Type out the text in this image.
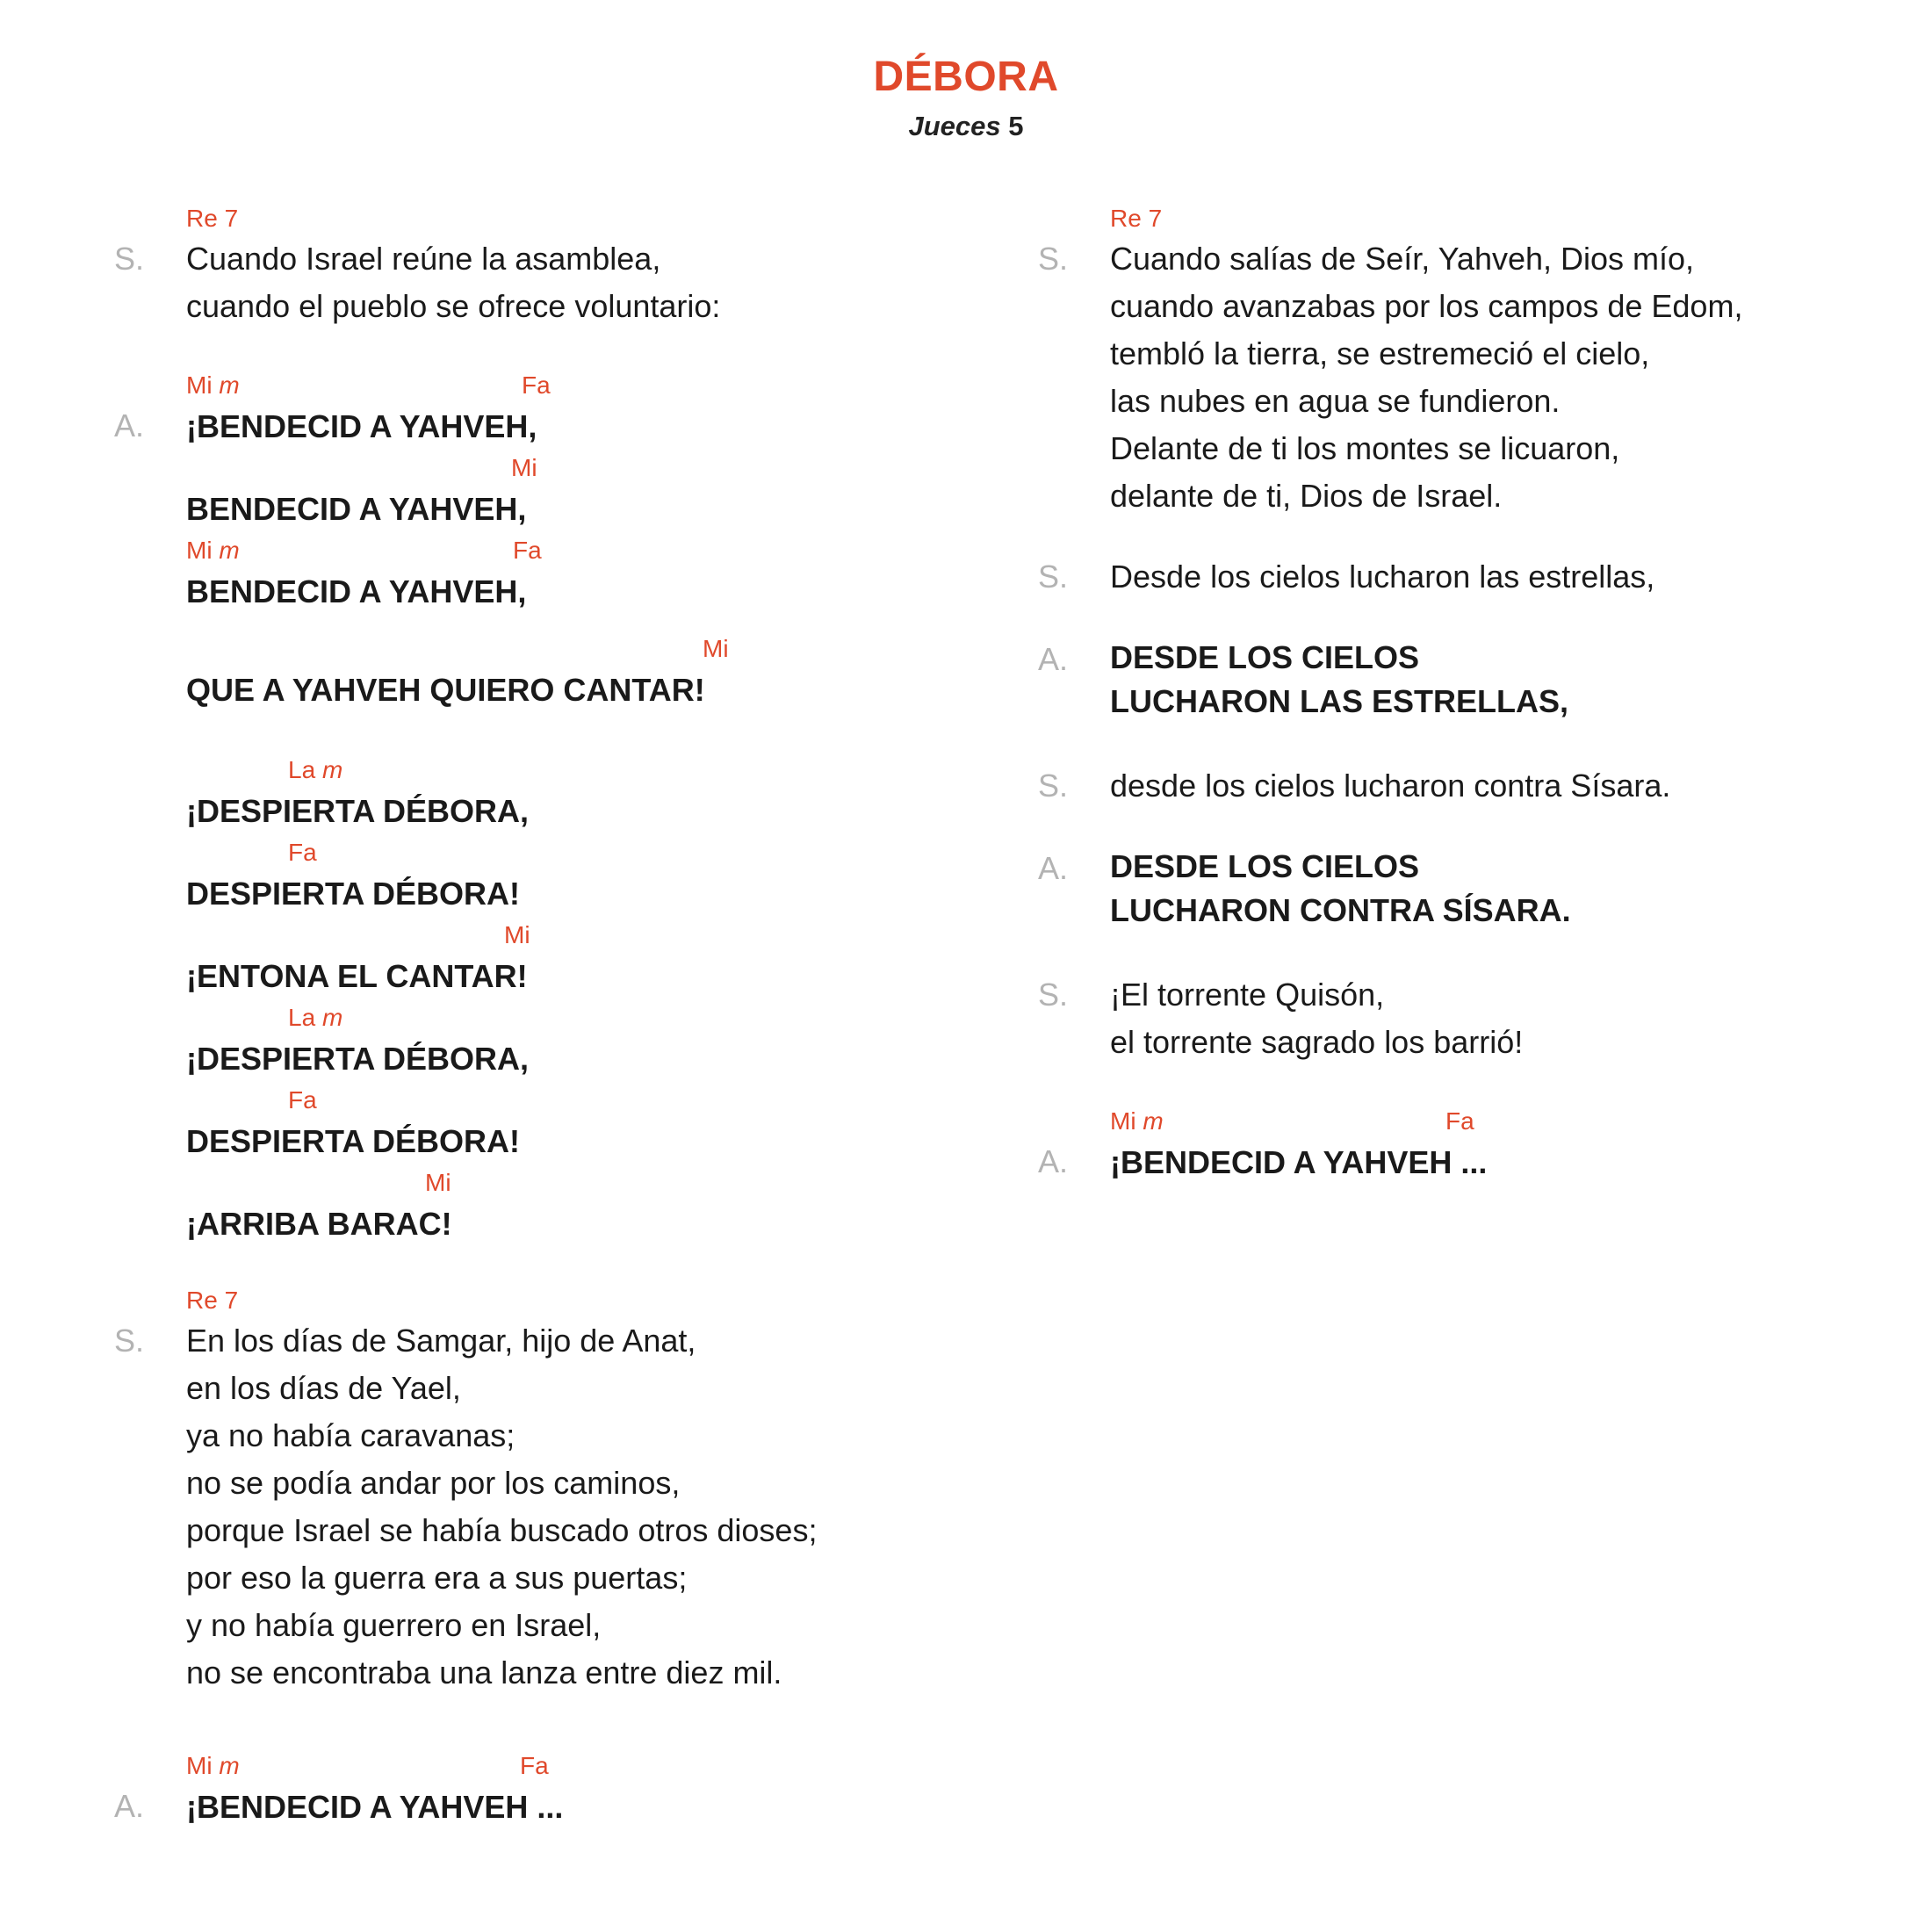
DÉBORA
Jueces 5
Re 7
S.	Cuando Israel reúne la asamblea,
cuando el pueblo se ofrece voluntario:
Mi m	Fa
A.	¡BENDECID A YAHVEH,
Mi
BENDECID A YAHVEH,
Mi m	Fa
BENDECID A YAHVEH,
Mi
QUE A YAHVEH QUIERO CANTAR!
La m
¡DESPIERTA DÉBORA,
Fa
DESPIERTA DÉBORA!
Mi
¡ENTONA EL CANTAR!
La m
¡DESPIERTA DÉBORA,
Fa
DESPIERTA DÉBORA!
Mi
¡ARRIBA BARAC!
Re 7
S.	En los días de Samgar, hijo de Anat,
en los días de Yael,
ya no había caravanas;
no se podía andar por los caminos,
porque Israel se había buscado otros dioses;
por eso la guerra era a sus puertas;
y no había guerrero en Israel,
no se encontraba una lanza entre diez mil.
Mi m	Fa
A.	¡BENDECID A YAHVEH ...
Re 7
S.	Cuando salías de Seír, Yahveh, Dios mío,
cuando avanzabas por los campos de Edom,
tembló la tierra, se estremeció el cielo,
las nubes en agua se fundieron.
Delante de ti los montes se licuaron,
delante de ti, Dios de Israel.
S.	Desde los cielos lucharon las estrellas,
A.	DESDE LOS CIELOS
LUCHARON LAS ESTRELLAS,
S.	desde los cielos lucharon contra Sísara.
A.	DESDE LOS CIELOS
LUCHARON CONTRA SÍSARA.
S.	¡El torrente Quisón,
el torrente sagrado los barrió!
Mi m	Fa
A.	¡BENDECID A YAHVEH ...
